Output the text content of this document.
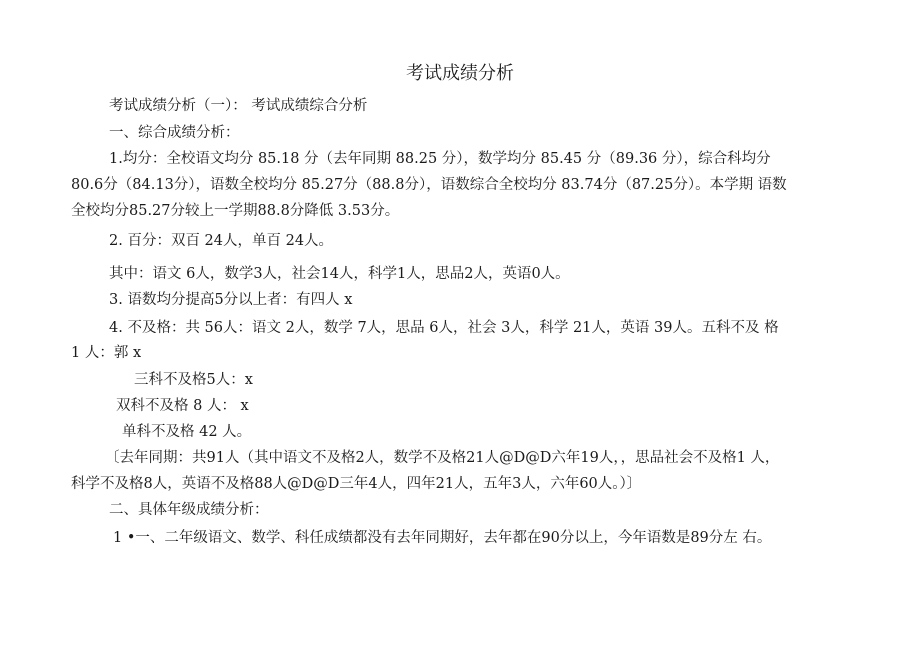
考试成绩分析
考试成绩分析（一）： 考试成绩综合分析
一、综合成绩分析：
1.均分：全校语文均分 85.18 分（去年同期 88.25 分），数学均分 85.45 分（89.36 分），综合科均分
80.6分（84.13分），语数全校均分 85.27分（88.8分），语数综合全校均分 83.74分（87.25分）。本学期 语数
全校均分85.27分较上一学期88.8分降低 3.53分。
2. 百分：双百 24人，单百 24人。
其中：语文 6人，数学3人，社会14人，科学1人，思品2人，英语0人。
3. 语数均分提高5分以上者：有四人 x
4. 不及格：共 56人：语文 2人，数学 7人，思品 6人，社会 3人，科学 21人，英语 39人。五科不及 格
1 人：郭 x
三科不及格5人：x
双科不及格 8 人： x
单科不及格 42 人。
〔去年同期：共91人（其中语文不及格2人，数学不及格21人@D@D六年19人，，思品社会不及格1 人，
科学不及格8人，英语不及格88人@D@D三年4人，四年21人，五年3人，六年60人。）〕
二、具体年级成绩分析：
1 •一、二年级语文、数学、科任成绩都没有去年同期好，去年都在90分以上，今年语数是89分左 右。
